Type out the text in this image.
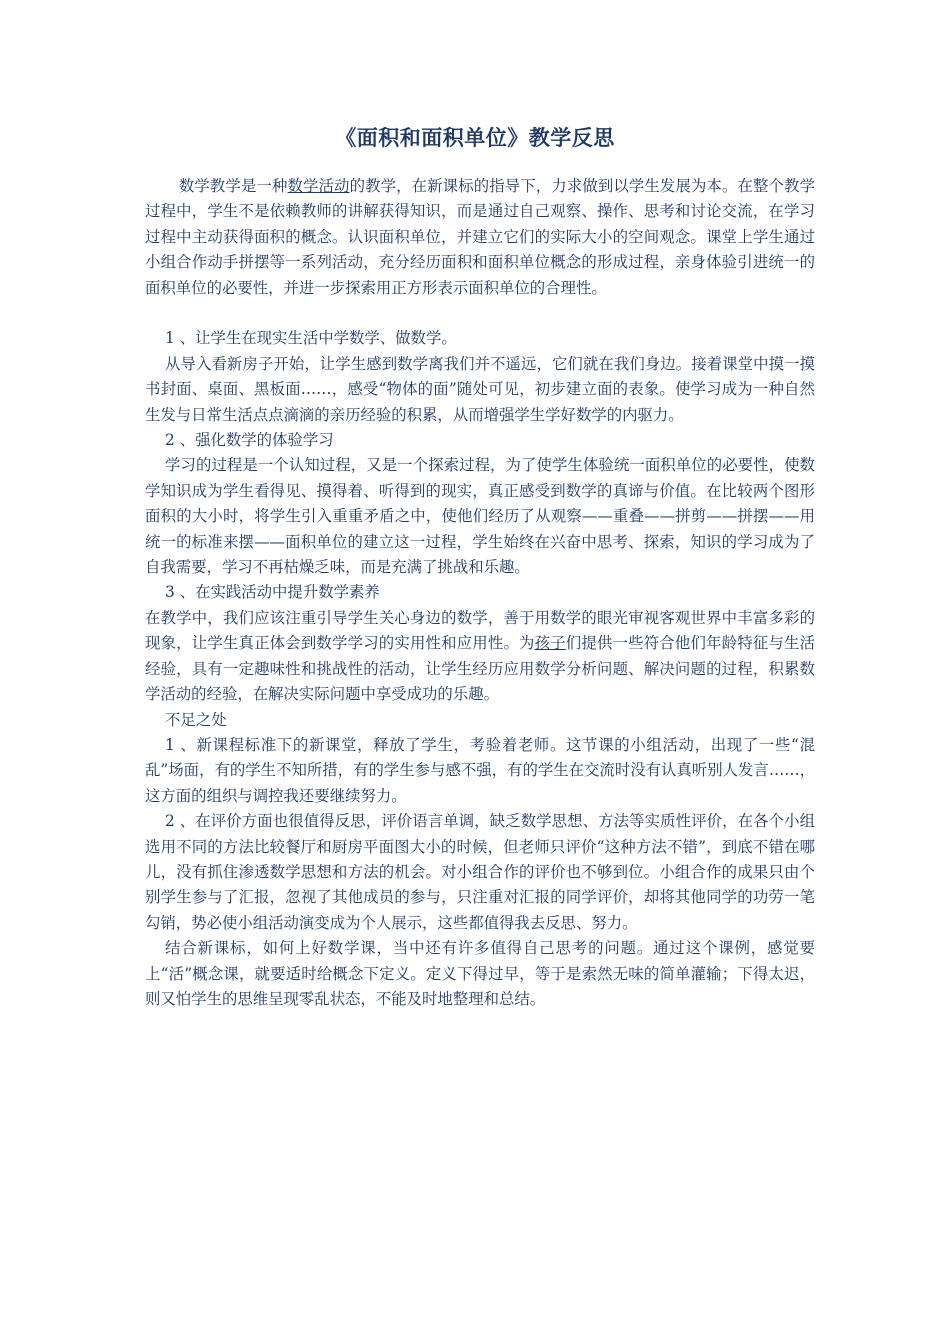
《面积和面积单位》教学反思

数学教学是一种数学活动的教学，在新课标的指导下，力求做到以学生发展为本。在整个教学过程中，学生不是依赖教师的讲解获得知识，而是通过自己观察、操作、思考和讨论交流，在学习过程中主动获得面积的概念。认识面积单位，并建立它们的实际大小的空间观念。课堂上学生通过小组合作动手拼摆等一系列活动，充分经历面积和面积单位概念的形成过程，亲身体验引进统一的面积单位的必要性，并进一步探索用正方形表示面积单位的合理性。

1 、让学生在现实生活中学数学、做数学。

从导入看新房子开始，让学生感到数学离我们并不遥远，它们就在我们身边。接着课堂中摸一摸书封面、桌面、黑板面……，感受“物体的面”随处可见，初步建立面的表象。使学习成为一种自然生发与日常生活点点滴滴的亲历经验的积累，从而增强学生学好数学的内驱力。

2 、强化数学的体验学习

学习的过程是一个认知过程，又是一个探索过程，为了使学生体验统一面积单位的必要性，使数学知识成为学生看得见、摸得着、听得到的现实，真正感受到数学的真谛与价值。在比较两个图形面积的大小时，将学生引入重重矛盾之中，使他们经历了从观察——重叠——拼剪——拼摆——用统一的标准来摆——面积单位的建立这一过程，学生始终在兴奋中思考、探索，知识的学习成为了自我需要，学习不再枯燥乏味，而是充满了挑战和乐趣。

3 、在实践活动中提升数学素养

在教学中，我们应该注重引导学生关心身边的数学，善于用数学的眼光审视客观世界中丰富多彩的现象，让学生真正体会到数学学习的实用性和应用性。为孩子们提供一些符合他们年龄特征与生活经验，具有一定趣味性和挑战性的活动，让学生经历应用数学分析问题、解决问题的过程，积累数学活动的经验，在解决实际问题中享受成功的乐趣。

不足之处

1 、新课程标准下的新课堂，释放了学生，考验着老师。这节课的小组活动，出现了一些“混乱”场面，有的学生不知所措，有的学生参与感不强，有的学生在交流时没有认真听别人发言……，这方面的组织与调控我还要继续努力。

2 、在评价方面也很值得反思，评价语言单调，缺乏数学思想、方法等实质性评价，在各个小组选用不同的方法比较餐厅和厨房平面图大小的时候，但老师只评价“这种方法不错”，到底不错在哪儿，没有抓住渗透数学思想和方法的机会。对小组合作的评价也不够到位。小组合作的成果只由个别学生参与了汇报，忽视了其他成员的参与，只注重对汇报的同学评价，却将其他同学的功劳一笔勾销，势必使小组活动演变成为个人展示，这些都值得我去反思、努力。

结合新课标，如何上好数学课，当中还有许多值得自己思考的问题。通过这个课例，感觉要上“活”概念课，就要适时给概念下定义。定义下得过早，等于是索然无味的简单灌输；下得太迟，则又怕学生的思维呈现零乱状态，不能及时地整理和总结。
